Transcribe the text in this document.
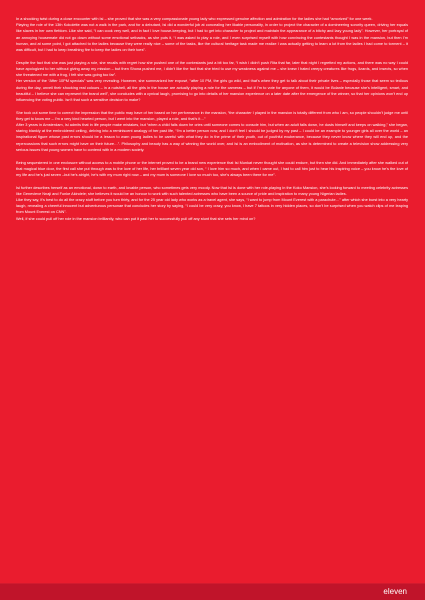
In a shocking twist during a close encounter with Isi – she proved that she was a very compassionate young lady who expressed genuine affection and admiration for the ladies she had “amorized” for one week.
Playing the role of the 13th Kokolette was not a walk in the park, and for a debutant, Isi did a wonderful job at concealing her likable personality, in order to project the character of a domineering sorority queen, driving her equals like slaves in her own fiefdom. Like she said, “I can cook very well, and in fact I love house-keeping, but I had to get into character to project and maintain the appearance of a bitchy and lazy young lady”. However, her portrayal of an annoying housemate did not go down without some emotional setbacks, as she puts it, “I was asked to play a role, and I even surprised myself with how convincing the contestants thought I was in the mansion, but then I’m human, and at some point, I got attached to the ladies because they were really nice – some of the tasks, like the cultural heritage task made me realize I was actually getting to learn a lot from the ladies I had come to torment – it was difficult, but I had to keep breathing fire to keep the ladies on their toes”.

Despite the fact that she was just playing a role, she recalls with regret how she pushed one of the contestants just a bit too far, “I wish I didn’t push Rita that far, later that night I regretted my actions, and there was no way I could have apologized to her without giving away my mission – but then Shona pushed me, I didn’t like the fact that she tried to use my weakness against me – she knew I hated creepy creatures like frogs, lizards, and insects, so when she threatened me with a frog, I felt she was going too far”.
Her version of the “After 10PM specials” was very revealing. However, she summarized her exposé, “after 10 PM, the girls go wild, and that’s when they get to talk about their private lives – especially those that seem so tedious during the day, unveil their shocking real colours – in a nutshell, all the girls in the house are actually playing a role for the cameras – but if I’m to vote for anyone of them, it would be Bolanle because she’s intelligent, smart, and beautiful – I believe she can represent the brand well”, she concludes with a cynical laugh, promising to go into details of her mansion experience on a later date after the emergence of the winner, so that her opinions won’t end up influencing the voting public. Isn’t that such a sensitive decision to make?

She took out some time to correct the impression that the public may have of her based on her performance in the mansion, “the character I played in the mansion is totally different from who I am, so people shouldn’t judge me until they get to know me – I’m a very kind hearted person, but I went into the mansion, played a role, and that’s it…”
After 3 years in Amsterdam, Isi admits that in life people make mistakes, but “when a child falls down he cries until someone comes to console him, but when an adult falls down, he dusts himself and keeps on walking,” she began, staring blankly at the embroidered ceiling, delving into a reminiscent analogy of her past life, “I’m a better person now, and I don’t feel I should be judged by my past – I could be an example to younger girls all over the world – an inspirational figure whose past errors should be a lesson to warn young ladies to be careful with what they do in the prime of their youth, out of youthful exuberance, because they never know where they will end up, and the repercussions that such errors might have on their future…”. Philosophy and beauty has a way of winning the world over, and Isi is an embodiment of motivation, as she is determined to create a television show addressing very serious issues that young women have to contend with in a modern society.

Being sequestered in one enclosure without access to a mobile phone or the internet proved to be a brand new experience that Isi Munkat never thought she could endure, but then she did. And immediately after she walked out of that magical blue door, the first call she put through was to the love of her life, her brilliant seven year old son, “ I love him so much, and when I came out, I had to call him just to hear his inspiring voice – you know he’s the love of my life and he’s just seven –but he’s alright, he’s with my mum right now – and my mum is someone I love so much too, she’s always been there for me”.

Isi further describes herself as an emotional, down to earth, and lovable person, who sometimes gets very moody. Now that Isi is done with her role-playing in the Koko Mansion, she’s looking forward to meeting celebrity actresses like Genevieve Nnaji and Funke Akindele; she believes it would be an honour to work with such talented actresses who have been a source of pride and inspiration to many young Nigerian ladies.
Like they say, it’s best to do all the crazy stuff before you turn thirty, and for the 25 year old lady who works as a travel agent, she says, “I want to jump from Mount Everest with a parachute…” after which she burst into a very hearty laugh, revealing a cheerful innocent but adventurous personae that concludes her story by saying, “I could be very crazy, you know, I have 7 tattoos in very hidden places, so don’t be surprised when you watch clips of me leaping from Mount Everest on CNN”.
Well, if she could pull off her role in the mansion brilliantly, who can put it past her to successfully pull off any stunt that she sets her mind on?

eleven
